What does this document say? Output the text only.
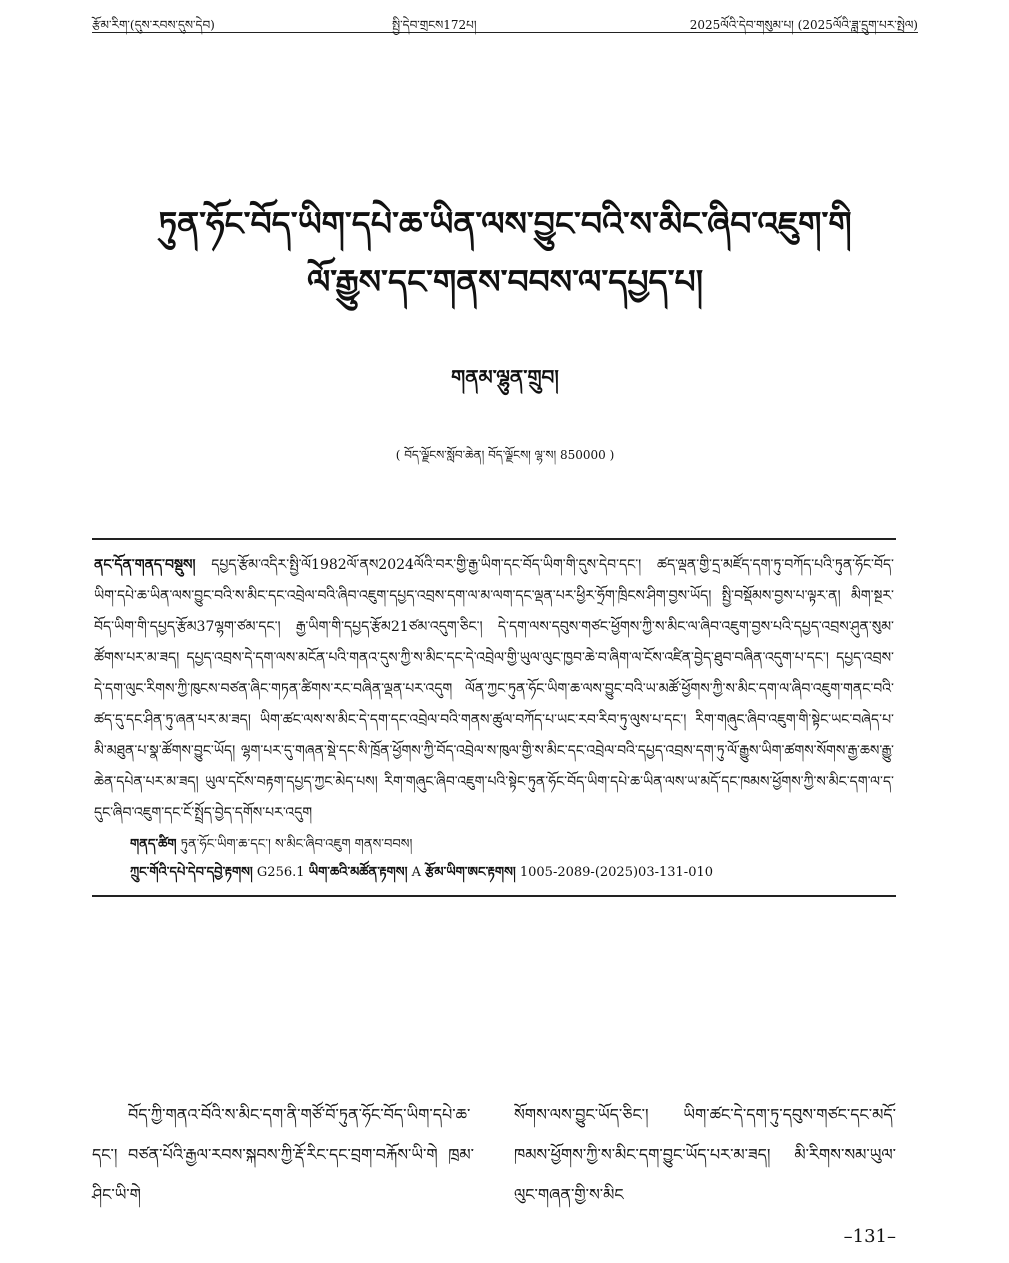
རྩོམ་རིག་(དུས་རབས་དུས་དེབ)	སྤྱི་དེབ་གྲངས172པ།	2025ལོའི་དེབ་གསུམ་པ། (2025ལོའི་ཟླ་དྲུག་པར་སྤེལ)
ཏུན་ཧོང་བོད་ཡིག་དཔེ་ཆ་ཡིན་ལས་བྱུང་བའི་ས་མིང་ཞིབ་འཇུག་གི
ལོ་རྒྱུས་དང་གནས་བབས་ལ་དཔྱད་པ།
གནམ་ལྷུན་གྲུབ།
( བོད་ལྗོངས་སློབ་ཆེན། བོད་ལྗོངས། ལྷ་ས། 850000 )

ནང་དོན་གནད་བསྡུས། དཔྱད་རྩོམ་འདིར་སྤྱི་ལོ1982ལོ་ནས2024ལོའི་བར་གྱི་རྒྱ་ཡིག་དང་བོད་ཡིག་གི་དུས་དེབ་དང་། ཚད་ལྡན་གྱི་དྲ་མཛོད་དག་ཏུ་བཀོད་པའི་ཏུན་ཧོང་བོད་ཡིག་དཔེ་ཆ་ཡིན་ལས་བྱུང་བའི་ས་མིང་དང་འབྲེལ་བའི་ཞིབ་འཇུག་དཔྱད་འབྲས་དག་ལ་མ་ལག་དང་ལྡན་པར་ཕྱིར་ཧྲོག་ཁྲིངས་ཤིག་བྱས་ཡོད། སྤྱི་བསྡོམས་བྱས་པ་ལྟར་ན། མིག་སྔར་བོད་ཡིག་གི་དཔྱད་རྩོམ37ལྷག་ཙམ་དང་། རྒྱ་ཡིག་གི་དཔྱད་རྩོམ21ཙམ་འདུག་ཅིང་། དེ་དག་ལས་དབུས་གཙང་ཕྱོགས་ཀྱི་ས་མིང་ལ་ཞིབ་འཇུག་བྱས་པའི་དཔྱད་འབྲས་ཤུན་སུམ་ཚོགས་པར་མ་ཟད། དཔྱད་འབྲས་དེ་དག་ལས་མངོན་པའི་གནའ་དུས་ཀྱི་ས་མིང་དང་དེ་འབྲེལ་གྱི་ཡུལ་ལུང་ཁྱབ་ཆེ་བ་ཞིག་ལ་ངོས་འཛིན་བྱེད་ཐུབ་བཞིན་འདུག་པ་དང་། དཔྱད་འབྲས་དེ་དག་ལུང་རིགས་ཀྱི་ཁུངས་བཙན་ཞིང་གཏན་ཚིགས་རང་བཞིན་ལྡན་པར་འདུག ལོན་ཀྱང་ཏུན་ཧོང་ཡིག་ཆ་ལས་བྱུང་བའི་ཡ་མཚོ་ཕྱོགས་ཀྱི་ས་མིང་དག་ལ་ཞིབ་འཇུག་གནང་བའི་ཚད་དུ་དང་ཤིན་ཏུ་ཞན་པར་མ་ཟད། ཡིག་ཚང་ལས་ས་མིང་དེ་དག་དང་འབྲེལ་བའི་གནས་ཚུལ་བཀོད་པ་ཡང་རབ་རིབ་ཏུ་ལུས་པ་དང་། རིག་གཞུང་ཞིབ་འཇུག་གི་སྟེང་ཡང་བཞེད་པ་མི་མཐུན་པ་སྣ་ཚོགས་བྱུང་ཡོད། ལྷག་པར་དུ་གཞན་སྡེ་དང་སི་ཁྲོན་ཕྱོགས་ཀྱི་བོད་འབྲེལ་ས་ཁུལ་གྱི་ས་མིང་དང་འབྲེལ་བའི་དཔྱད་འབྲས་དག་ཏུ་ལོ་རྒྱུས་ཡིག་ཚགས་སོགས་རྒྱ་ཆས་རྒྱུ་ཆེན་དཔེན་པར་མ་ཟད། ཡུལ་དངོས་བརྟག་དཔྱད་ཀྱང་མེད་པས། རིག་གཞུང་ཞིབ་འཇུག་པའི་སྟེང་ཏུན་ཧོང་བོད་ཡིག་དཔེ་ཆ་ཡིན་ལས་ཡ་མདོ་དང་ཁམས་ཕྱོགས་ཀྱི་ས་མིང་དག་ལ་ད་དུང་ཞིབ་འཇུག་དང་ངོ་སྤྲོད་བྱེད་དགོས་པར་འདུག

གནད་ཚིག ཏུན་ཧོང་ཡིག་ཆ་དང་། ས་མིང་ཞིབ་འཇུག གནས་བབས།

ཀྲུང་གོའི་དཔེ་དེབ་དབྱེ་རྟགས། G256.1 ཡིག་ཆའི་མཚོན་རྟགས། A རྩོམ་ཡིག་ཨང་རྟགས། 1005-2089-(2025)03-131-010

བོད་ཀྱི་གནའ་བོའི་ས་མིང་དག་ནི་གཙོ་བོ་ཏུན་ཧོང་བོད་ཡིག་དཔེ་ཆ་དང་། བཙན་པོའི་རྒྱལ་རབས་སྐབས་ཀྱི་རྡོ་རིང་དང་བྲག་བརྐོས་ཡི་གེ ཁྲམ་ཤིང་ཡི་གེ
སོགས་ལས་བྱུང་ཡོད་ཅིང་། ཡིག་ཚང་དེ་དག་ཏུ་དབུས་གཙང་དང་མདོ་ཁམས་ཕྱོགས་ཀྱི་ས་མིང་དག་བྱུང་ཡོད་པར་མ་ཟད། མི་རིགས་སམ་ཡུལ་ལུང་གཞན་གྱི་ས་མིང
–131–
